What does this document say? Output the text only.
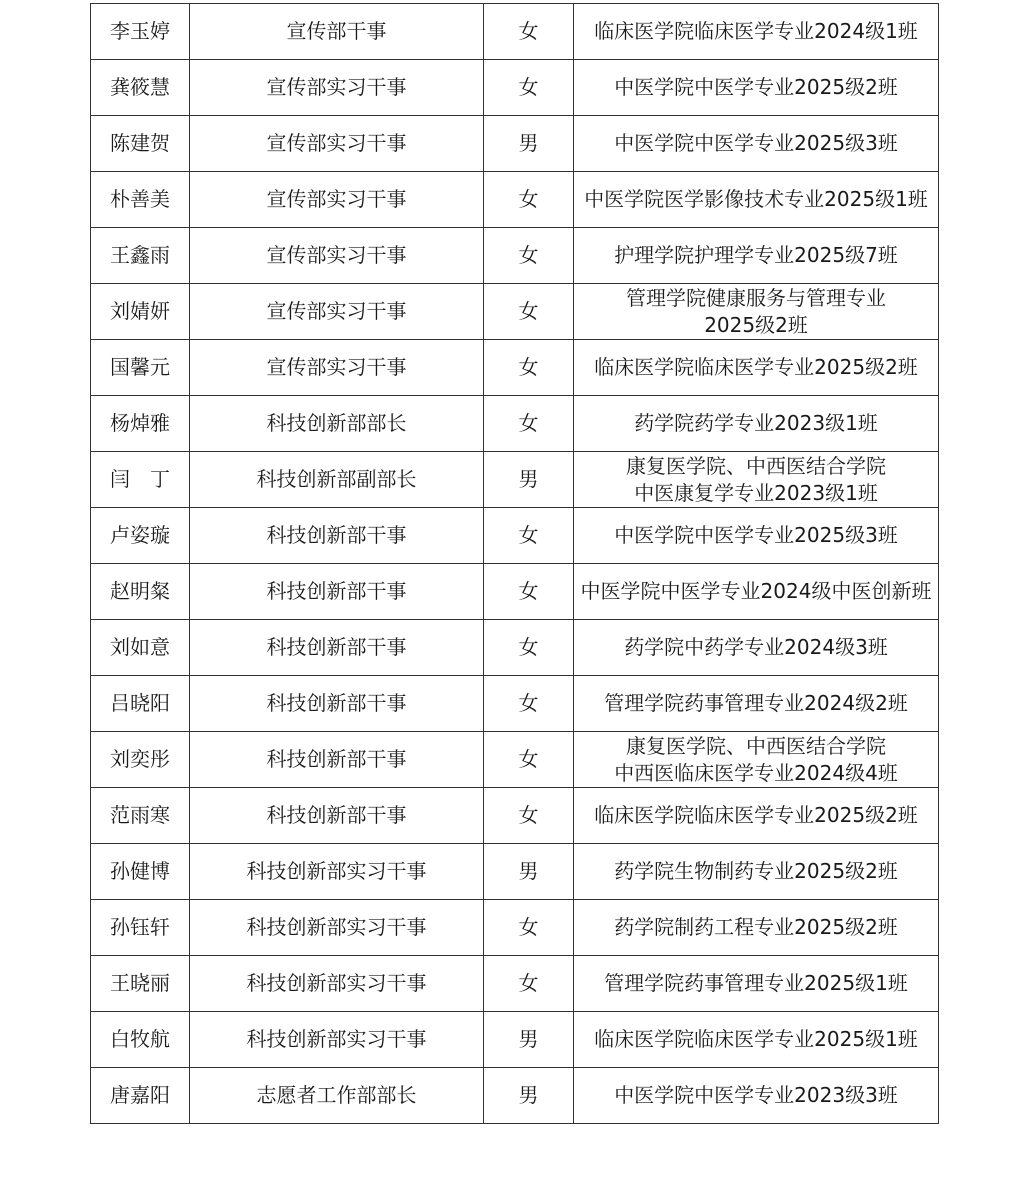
李玉婷	宣传部干事	女	临床医学院临床医学专业2024级1班
龚筱慧	宣传部实习干事	女	中医学院中医学专业2025级2班
陈建贺	宣传部实习干事	男	中医学院中医学专业2025级3班
朴善美	宣传部实习干事	女	中医学院医学影像技术专业2025级1班
王鑫雨	宣传部实习干事	女	护理学院护理学专业2025级7班
刘婧妍	宣传部实习干事	女	管理学院健康服务与管理专业
2025级2班
国馨元	宣传部实习干事	女	临床医学院临床医学专业2025级2班
杨焯雅	科技创新部部长	女	药学院药学专业2023级1班
闫　丁	科技创新部副部长	男	康复医学院、中西医结合学院
中医康复学专业2023级1班
卢姿璇	科技创新部干事	女	中医学院中医学专业2025级3班
赵明粲	科技创新部干事	女	中医学院中医学专业2024级中医创新班
刘如意	科技创新部干事	女	药学院中药学专业2024级3班
吕晓阳	科技创新部干事	女	管理学院药事管理专业2024级2班
刘奕彤	科技创新部干事	女	康复医学院、中西医结合学院
中西医临床医学专业2024级4班
范雨寒	科技创新部干事	女	临床医学院临床医学专业2025级2班
孙健博	科技创新部实习干事	男	药学院生物制药专业2025级2班
孙钰轩	科技创新部实习干事	女	药学院制药工程专业2025级2班
王晓丽	科技创新部实习干事	女	管理学院药事管理专业2025级1班
白牧航	科技创新部实习干事	男	临床医学院临床医学专业2025级1班
唐嘉阳	志愿者工作部部长	男	中医学院中医学专业2023级3班
